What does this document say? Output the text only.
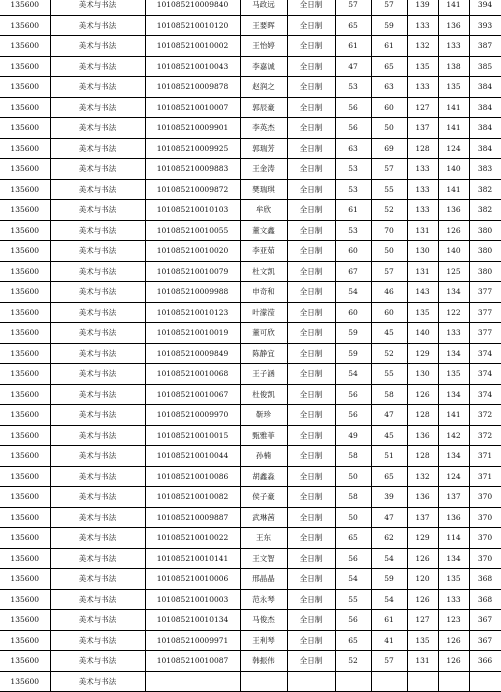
135600	美术与书法	101085210009840	马政远	全日制	57	57	139	141	394
135600	美术与书法	101085210010120	王要晖	全日制	65	59	133	136	393
135600	美术与书法	101085210010002	王怡婷	全日制	61	61	132	133	387
135600	美术与书法	101085210010043	李嘉诚	全日制	47	65	135	138	385
135600	美术与书法	101085210009878	赵润之	全日制	53	63	133	135	384
135600	美术与书法	101085210010007	郭辰豪	全日制	56	60	127	141	384
135600	美术与书法	101085210009901	李英杰	全日制	56	50	137	141	384
135600	美术与书法	101085210009925	郭瑞芳	全日制	63	69	128	124	384
135600	美术与书法	101085210009883	王金涛	全日制	53	57	133	140	383
135600	美术与书法	101085210009872	樊瑞琪	全日制	53	55	133	141	382
135600	美术与书法	101085210010103	牟欣	全日制	61	52	133	136	382
135600	美术与书法	101085210010055	董文鑫	全日制	53	70	131	126	380
135600	美术与书法	101085210010020	李亚茹	全日制	60	50	130	140	380
135600	美术与书法	101085210010079	杜文凯	全日制	67	57	131	125	380
135600	美术与书法	101085210009988	申奇和	全日制	54	46	143	134	377
135600	美术与书法	101085210010123	叶濛滢	全日制	60	60	135	122	377
135600	美术与书法	101085210010019	董可欣	全日制	59	45	140	133	377
135600	美术与书法	101085210009849	陈静宜	全日制	59	52	129	134	374
135600	美术与书法	101085210010068	王子涵	全日制	54	55	130	135	374
135600	美术与书法	101085210010067	杜俊凯	全日制	56	58	126	134	374
135600	美术与书法	101085210009970	靳珍	全日制	56	47	128	141	372
135600	美术与书法	101085210010015	甄雅菲	全日制	49	45	136	142	372
135600	美术与书法	101085210010044	孙楠	全日制	58	51	128	134	371
135600	美术与书法	101085210010086	胡鑫淼	全日制	50	65	132	124	371
135600	美术与书法	101085210010082	侯子豪	全日制	58	39	136	137	370
135600	美术与书法	101085210009887	武琳茜	全日制	50	47	137	136	370
135600	美术与书法	101085210010022	王东	全日制	65	62	129	114	370
135600	美术与书法	101085210010141	王文智	全日制	56	54	126	134	370
135600	美术与书法	101085210010006	邢晶晶	全日制	54	59	120	135	368
135600	美术与书法	101085210010003	范永琴	全日制	55	54	126	133	368
135600	美术与书法	101085210010134	马俊杰	全日制	56	61	127	123	367
135600	美术与书法	101085210009971	王利琴	全日制	65	41	135	126	367
135600	美术与书法	101085210010087	韩振伟	全日制	52	57	131	126	366
135600	美术与书法								
